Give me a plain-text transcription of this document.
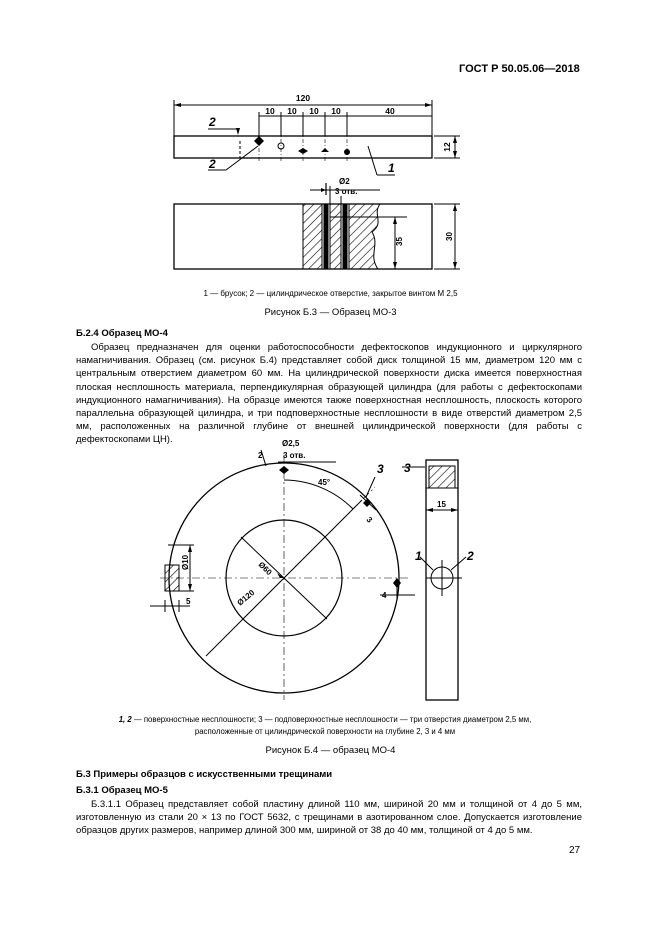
ГОСТ Р 50.05.06—2018
120
10 10 10 10	40
12
2
2	1
Ø2
3 отв.
35
30
1 — брусок; 2 — цилиндрическое отверстие, закрытое винтом М 2,5
Рисунок Б.3 — Образец МО-3
Б.2.4 Образец МО-4
Образец предназначен для оценки работоспособности дефектоскопов индукционного и циркулярного намагничивания. Образец (см. рисунок Б.4) представляет собой диск толщиной 15 мм, диаметром 120 мм с центральным отверстием диаметром 60 мм. На цилиндрической поверхности диска имеется поверхностная плоская несплошность материала, перпендикулярная образующей цилиндра (для работы с дефектоскопами индукционного намагничивания). На образце имеются также поверхностная несплошность, плоскость которого параллельна образующей цилиндра, и три подповерхностные несплошности в виде отверстий диаметром 2,5 мм, расположенных на различной глубине от внешней цилиндрической поверхности (для работы с дефектоскопами ЦН).	Ø2,5
3 отв.
45°
Ø120
Ø60
Ø10
5
4
3
2
15
3 3
1	2
1, 2 — поверхностные несплошности; 3 — подповерхностные несплошности — три отверстия диаметром 2,5 мм,
расположенные от цилиндрической поверхности на глубине 2, 3 и 4 мм
Рисунок Б.4 — образец МО-4
Б.3 Примеры образцов с искусственными трещинами
Б.3.1 Образец МО-5
Б.3.1.1 Образец представляет собой пластину длиной 110 мм, шириной 20 мм и толщиной от 4 до 5 мм, изготовленную из стали 20 × 13 по ГОСТ 5632, с трещинами в азотированном слое. Допускается изготовление образцов других размеров, например длиной 300 мм, шириной от 38 до 40 мм, толщиной от 4 до 5 мм.
27
